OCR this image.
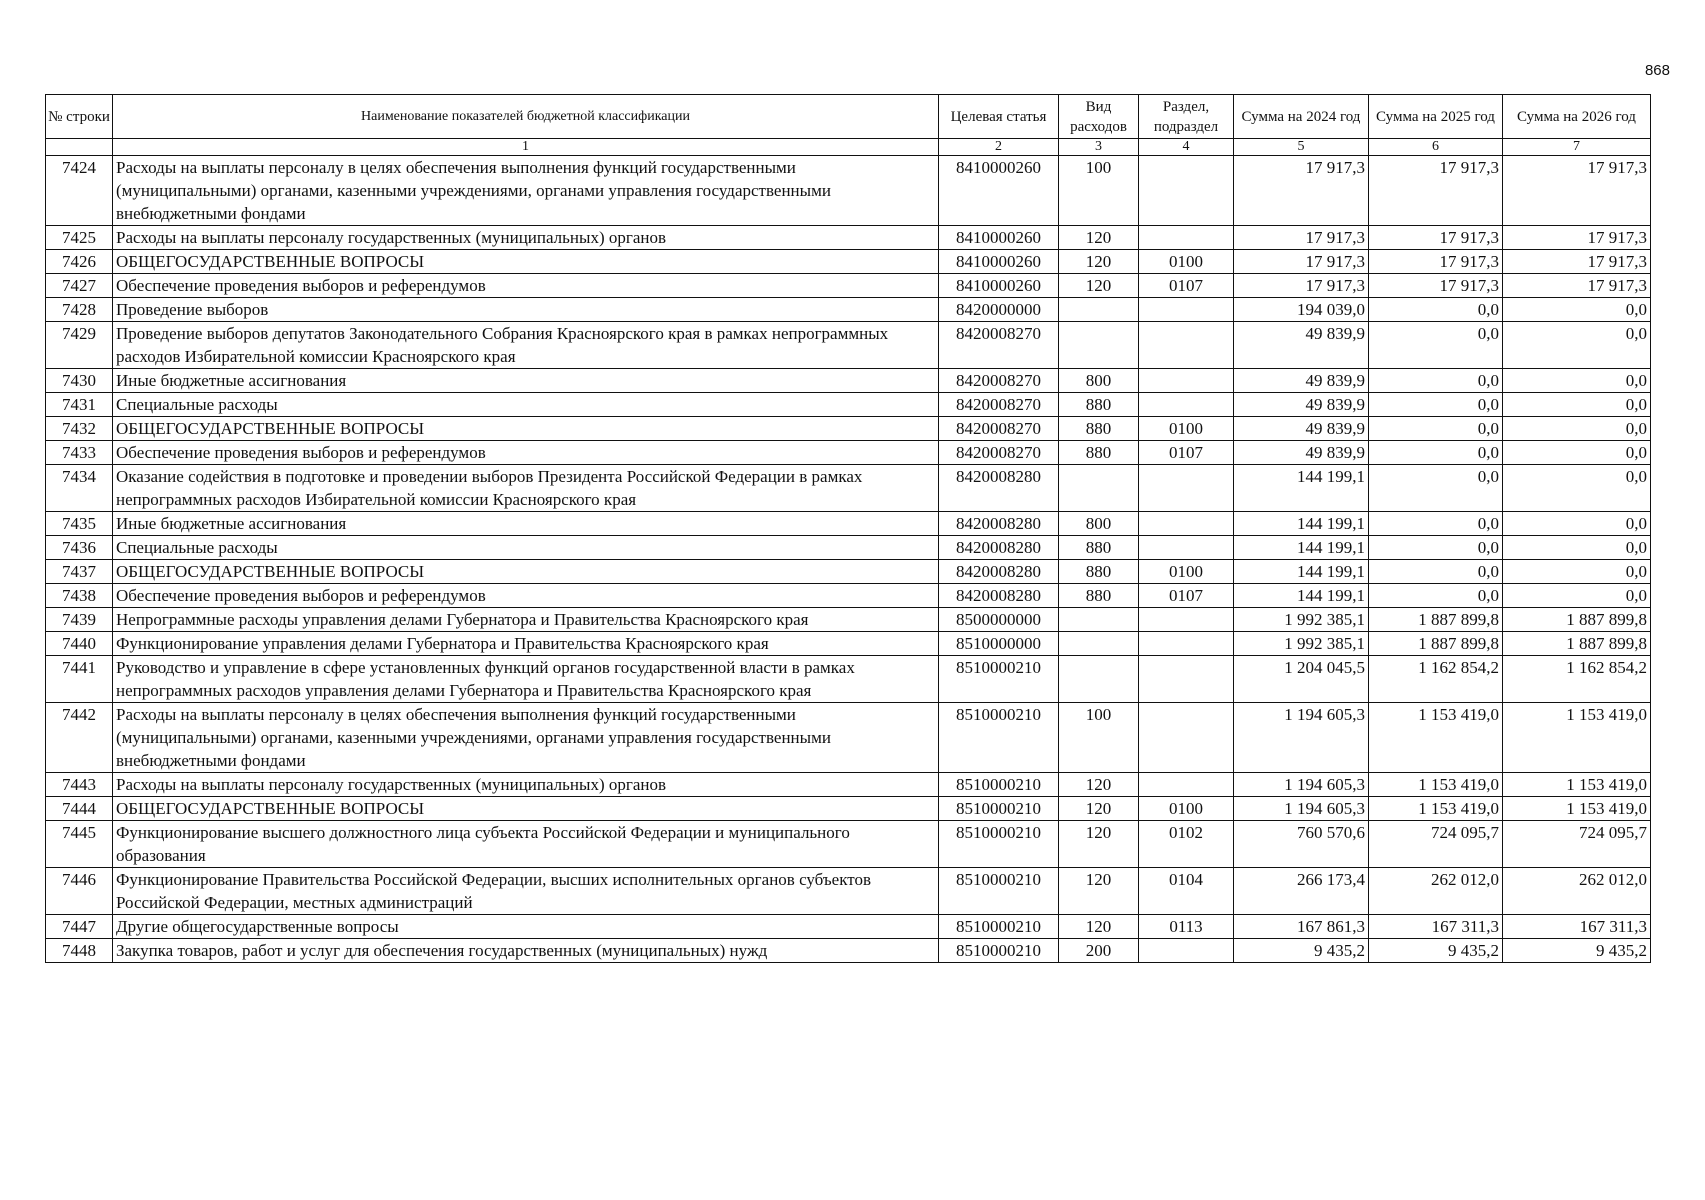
868
№ строки	Наименование показателей бюджетной классификации	Целевая статья	Вид расходов	Раздел, подраздел	Сумма на 2024 год	Сумма на 2025 год	Сумма на 2026 год
	1	2	3	4	5	6	7
7424	Расходы на выплаты персоналу в целях обеспечения выполнения функций государственными (муниципальными) органами, казенными учреждениями, органами управления государственными внебюджетными фондами	8410000260	100		17 917,3	17 917,3	17 917,3
7425	Расходы на выплаты персоналу государственных (муниципальных) органов	8410000260	120		17 917,3	17 917,3	17 917,3
7426	ОБЩЕГОСУДАРСТВЕННЫЕ ВОПРОСЫ	8410000260	120	0100	17 917,3	17 917,3	17 917,3
7427	Обеспечение проведения выборов и референдумов	8410000260	120	0107	17 917,3	17 917,3	17 917,3
7428	Проведение выборов	8420000000			194 039,0	0,0	0,0
7429	Проведение выборов депутатов Законодательного Собрания Красноярского края в рамках непрограммных расходов Избирательной комиссии Красноярского края	8420008270			49 839,9	0,0	0,0
7430	Иные бюджетные ассигнования	8420008270	800		49 839,9	0,0	0,0
7431	Специальные расходы	8420008270	880		49 839,9	0,0	0,0
7432	ОБЩЕГОСУДАРСТВЕННЫЕ ВОПРОСЫ	8420008270	880	0100	49 839,9	0,0	0,0
7433	Обеспечение проведения выборов и референдумов	8420008270	880	0107	49 839,9	0,0	0,0
7434	Оказание содействия в подготовке и проведении выборов Президента Российской Федерации в рамках непрограммных расходов Избирательной комиссии Красноярского края	8420008280			144 199,1	0,0	0,0
7435	Иные бюджетные ассигнования	8420008280	800		144 199,1	0,0	0,0
7436	Специальные расходы	8420008280	880		144 199,1	0,0	0,0
7437	ОБЩЕГОСУДАРСТВЕННЫЕ ВОПРОСЫ	8420008280	880	0100	144 199,1	0,0	0,0
7438	Обеспечение проведения выборов и референдумов	8420008280	880	0107	144 199,1	0,0	0,0
7439	Непрограммные расходы управления делами Губернатора и Правительства Красноярского края	8500000000			1 992 385,1	1 887 899,8	1 887 899,8
7440	Функционирование управления делами Губернатора и Правительства Красноярского края	8510000000			1 992 385,1	1 887 899,8	1 887 899,8
7441	Руководство и управление в сфере установленных функций органов государственной власти в рамках непрограммных расходов управления делами Губернатора и Правительства Красноярского края	8510000210			1 204 045,5	1 162 854,2	1 162 854,2
7442	Расходы на выплаты персоналу в целях обеспечения выполнения функций государственными (муниципальными) органами, казенными учреждениями, органами управления государственными внебюджетными фондами	8510000210	100		1 194 605,3	1 153 419,0	1 153 419,0
7443	Расходы на выплаты персоналу государственных (муниципальных) органов	8510000210	120		1 194 605,3	1 153 419,0	1 153 419,0
7444	ОБЩЕГОСУДАРСТВЕННЫЕ ВОПРОСЫ	8510000210	120	0100	1 194 605,3	1 153 419,0	1 153 419,0
7445	Функционирование высшего должностного лица субъекта Российской Федерации и муниципального образования	8510000210	120	0102	760 570,6	724 095,7	724 095,7
7446	Функционирование Правительства Российской Федерации, высших исполнительных органов субъектов Российской Федерации, местных администраций	8510000210	120	0104	266 173,4	262 012,0	262 012,0
7447	Другие общегосударственные вопросы	8510000210	120	0113	167 861,3	167 311,3	167 311,3
7448	Закупка товаров, работ и услуг для обеспечения государственных (муниципальных) нужд	8510000210	200		9 435,2	9 435,2	9 435,2
